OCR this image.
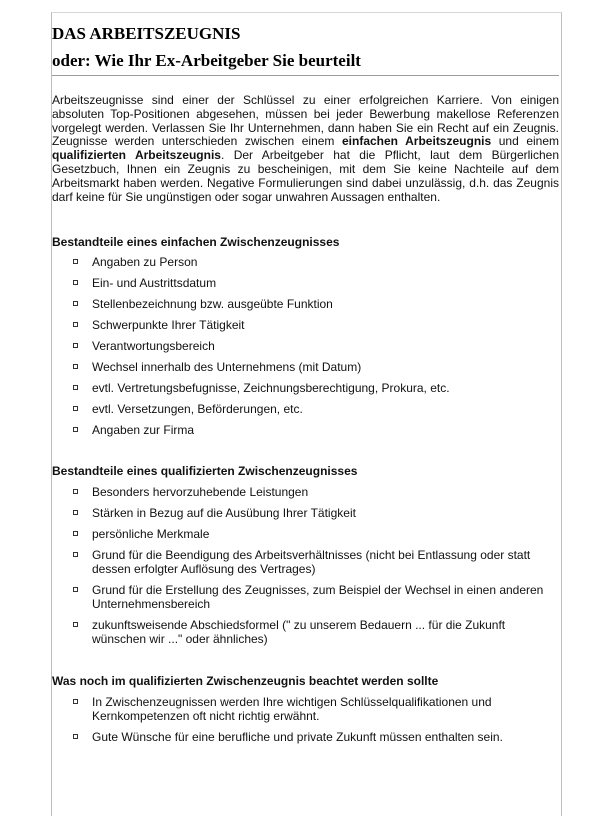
DAS ARBEITSZEUGNIS
oder: Wie Ihr Ex-Arbeitgeber Sie beurteilt

Arbeitszeugnisse sind einer der Schlüssel zu einer erfolgreichen Karriere. Von einigen absoluten Top-Positionen abgesehen, müssen bei jeder Bewerbung makellose Referenzen vorgelegt werden. Verlassen Sie Ihr Unternehmen, dann haben Sie ein Recht auf ein Zeugnis. Zeugnisse werden unterschieden zwischen einem einfachen Arbeitszeugnis und einem qualifizierten Arbeitszeugnis. Der Arbeitgeber hat die Pflicht, laut dem Bürgerlichen Gesetzbuch, Ihnen ein Zeugnis zu bescheinigen, mit dem Sie keine Nachteile auf dem Arbeitsmarkt haben werden. Negative Formulierungen sind dabei unzulässig, d.h. das Zeugnis darf keine für Sie ungünstigen oder sogar unwahren Aussagen enthalten.

Bestandteile eines einfachen Zwischenzeugnisses
Angaben zu Person
Ein- und Austrittsdatum
Stellenbezeichnung bzw. ausgeübte Funktion
Schwerpunkte Ihrer Tätigkeit
Verantwortungsbereich
Wechsel innerhalb des Unternehmens (mit Datum)
evtl. Vertretungsbefugnisse, Zeichnungsberechtigung, Prokura, etc.
evtl. Versetzungen, Beförderungen, etc.
Angaben zur Firma
Bestandteile eines qualifizierten Zwischenzeugnisses
Besonders hervorzuhebende Leistungen
Stärken in Bezug auf die Ausübung Ihrer Tätigkeit
persönliche Merkmale
Grund für die Beendigung des Arbeitsverhältnisses (nicht bei Entlassung oder statt dessen erfolgter Auflösung des Vertrages)
Grund für die Erstellung des Zeugnisses, zum Beispiel der Wechsel in einen anderen Unternehmensbereich
zukunftsweisende Abschiedsformel (" zu unserem Bedauern ... für die Zukunft wünschen wir ..." oder ähnliches)
Was noch im qualifizierten Zwischenzeugnis beachtet werden sollte
In Zwischenzeugnissen werden Ihre wichtigen Schlüsselqualifikationen und Kernkompetenzen oft nicht richtig erwähnt.
Gute Wünsche für eine berufliche und private Zukunft müssen enthalten sein.
